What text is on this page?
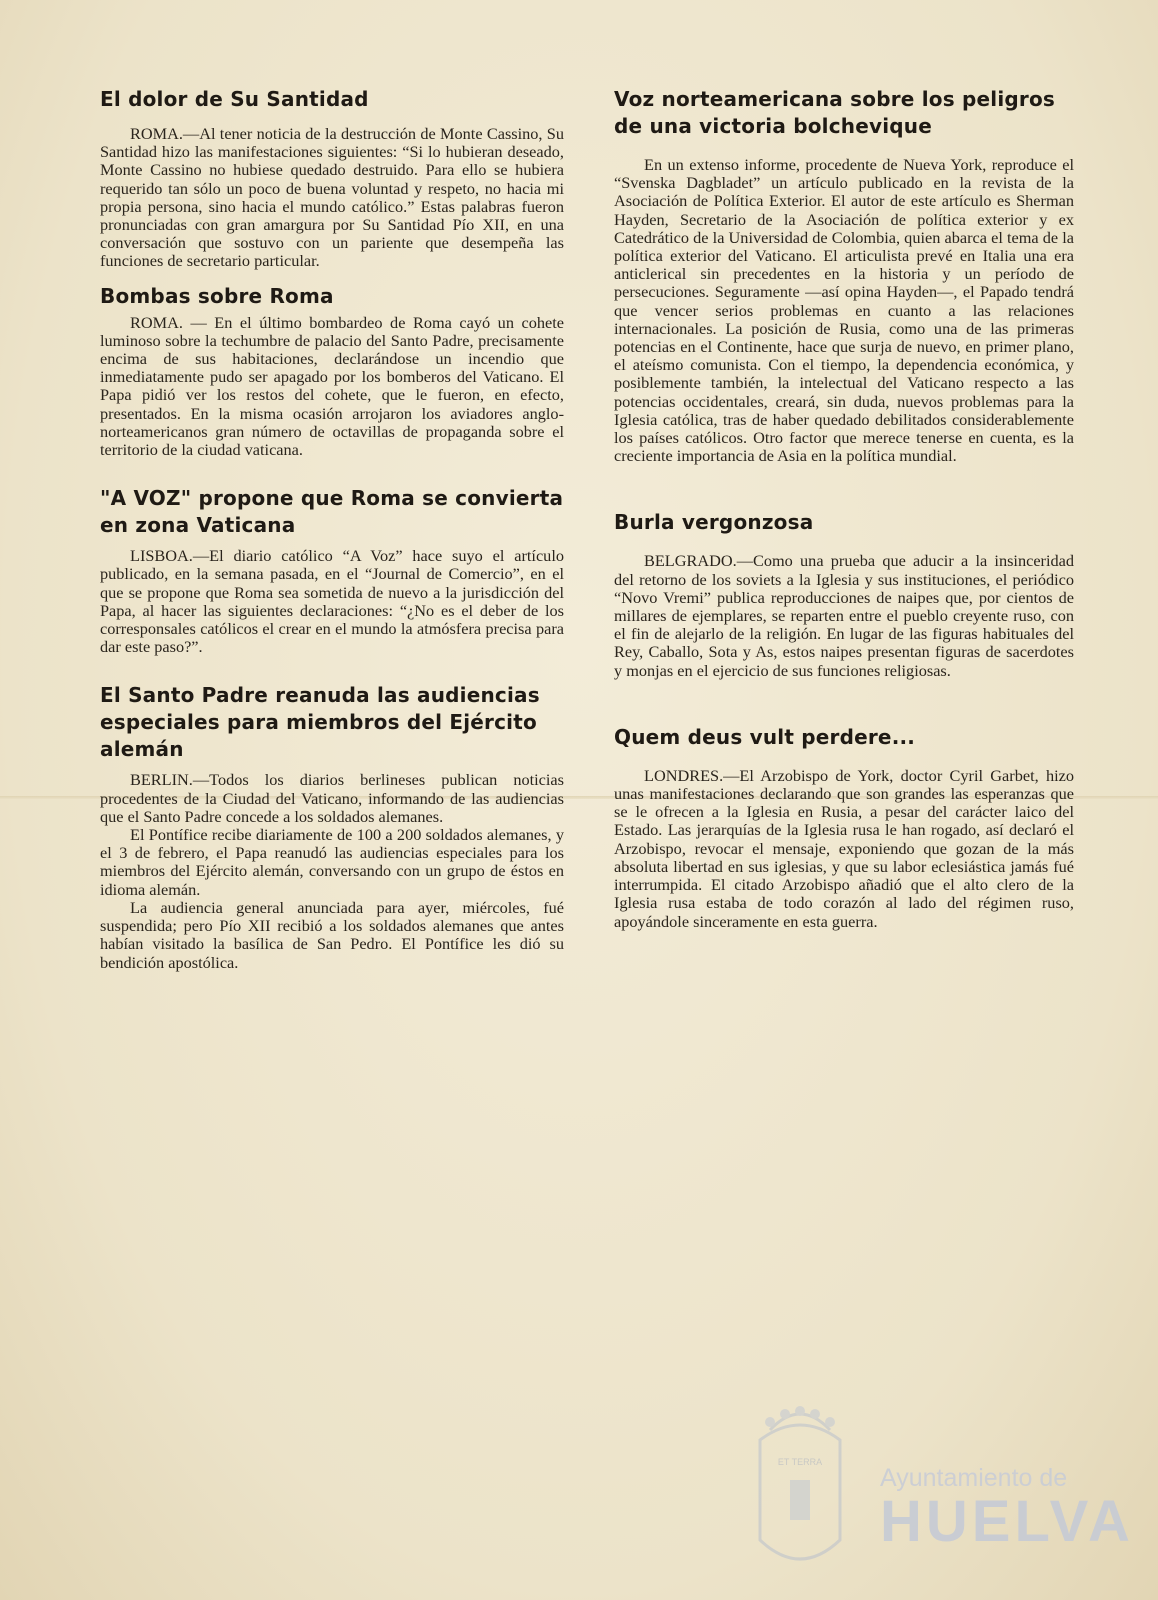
El dolor de Su Santidad

ROMA.—Al tener noticia de la destrucción de Monte Cassino, Su Santidad hizo las manifestaciones siguientes: “Si lo hubieran deseado, Monte Cassino no hubiese quedado destruido. Para ello se hubiera requerido tan sólo un poco de buena voluntad y respeto, no hacia mi propia persona, sino hacia el mundo católico.” Estas palabras fueron pronunciadas con gran amargura por Su Santidad Pío XII, en una conversación que sostuvo con un pariente que desempeña las funciones de secretario particular.

Bombas sobre Roma

ROMA. — En el último bombardeo de Roma cayó un cohete luminoso sobre la techumbre de palacio del Santo Padre, precisamente encima de sus habitaciones, declarándose un incendio que inmediatamente pudo ser apagado por los bomberos del Vaticano. El Papa pidió ver los restos del cohete, que le fueron, en efecto, presentados. En la misma ocasión arrojaron los aviadores anglo-norteamericanos gran número de octavillas de propaganda sobre el territorio de la ciudad vaticana.

"A VOZ" propone que Roma se convierta en zona Vaticana

LISBOA.—El diario católico “A Voz” hace suyo el artículo publicado, en la semana pasada, en el “Journal de Comercio”, en el que se propone que Roma sea sometida de nuevo a la jurisdicción del Papa, al hacer las siguientes declaraciones: “¿No es el deber de los corresponsales católicos el crear en el mundo la atmósfera precisa para dar este paso?”.

El Santo Padre reanuda las audiencias especiales para miembros del Ejército alemán

BERLIN.—Todos los diarios berlineses publican noticias procedentes de la Ciudad del Vaticano, informando de las audiencias que el Santo Padre concede a los soldados alemanes.

El Pontífice recibe diariamente de 100 a 200 soldados alemanes, y el 3 de febrero, el Papa reanudó las audiencias especiales para los miembros del Ejército alemán, conversando con un grupo de éstos en idioma alemán.

La audiencia general anunciada para ayer, miércoles, fué suspendida; pero Pío XII recibió a los soldados alemanes que antes habían visitado la basílica de San Pedro. El Pontífice les dió su bendición apostólica.

Voz norteamericana sobre los peligros de una victoria bolchevique

En un extenso informe, procedente de Nueva York, reproduce el “Svenska Dagbladet” un artículo publicado en la revista de la Asociación de Política Exterior. El autor de este artículo es Sherman Hayden, Secretario de la Asociación de política exterior y ex Catedrático de la Universidad de Colombia, quien abarca el tema de la política exterior del Vaticano. El articulista prevé en Italia una era anticlerical sin precedentes en la historia y un período de persecuciones. Seguramente —así opina Hayden—, el Papado tendrá que vencer serios problemas en cuanto a las relaciones internacionales. La posición de Rusia, como una de las primeras potencias en el Continente, hace que surja de nuevo, en primer plano, el ateísmo comunista. Con el tiempo, la dependencia económica, y posiblemente también, la intelectual del Vaticano respecto a las potencias occidentales, creará, sin duda, nuevos problemas para la Iglesia católica, tras de haber quedado debilitados considerablemente los países católicos. Otro factor que merece tenerse en cuenta, es la creciente importancia de Asia en la política mundial.

Burla vergonzosa

BELGRADO.—Como una prueba que aducir a la insinceridad del retorno de los soviets a la Iglesia y sus instituciones, el periódico “Novo Vremi” publica reproducciones de naipes que, por cientos de millares de ejemplares, se reparten entre el pueblo creyente ruso, con el fin de alejarlo de la religión. En lugar de las figuras habituales del Rey, Caballo, Sota y As, estos naipes presentan figuras de sacerdotes y monjas en el ejercicio de sus funciones religiosas.

Quem deus vult perdere...

LONDRES.—El Arzobispo de York, doctor Cyril Garbet, hizo unas manifestaciones declarando que son grandes las esperanzas que se le ofrecen a la Iglesia en Rusia, a pesar del carácter laico del Estado. Las jerarquías de la Iglesia rusa le han rogado, así declaró el Arzobispo, revocar el mensaje, exponiendo que gozan de la más absoluta libertad en sus iglesias, y que su labor eclesiástica jamás fué interrumpida. El citado Arzobispo añadió que el alto clero de la Iglesia rusa estaba de todo corazón al lado del régimen ruso, apoyándole sinceramente en esta guerra.

ET TERRA
Ayuntamiento de
HUELVA
